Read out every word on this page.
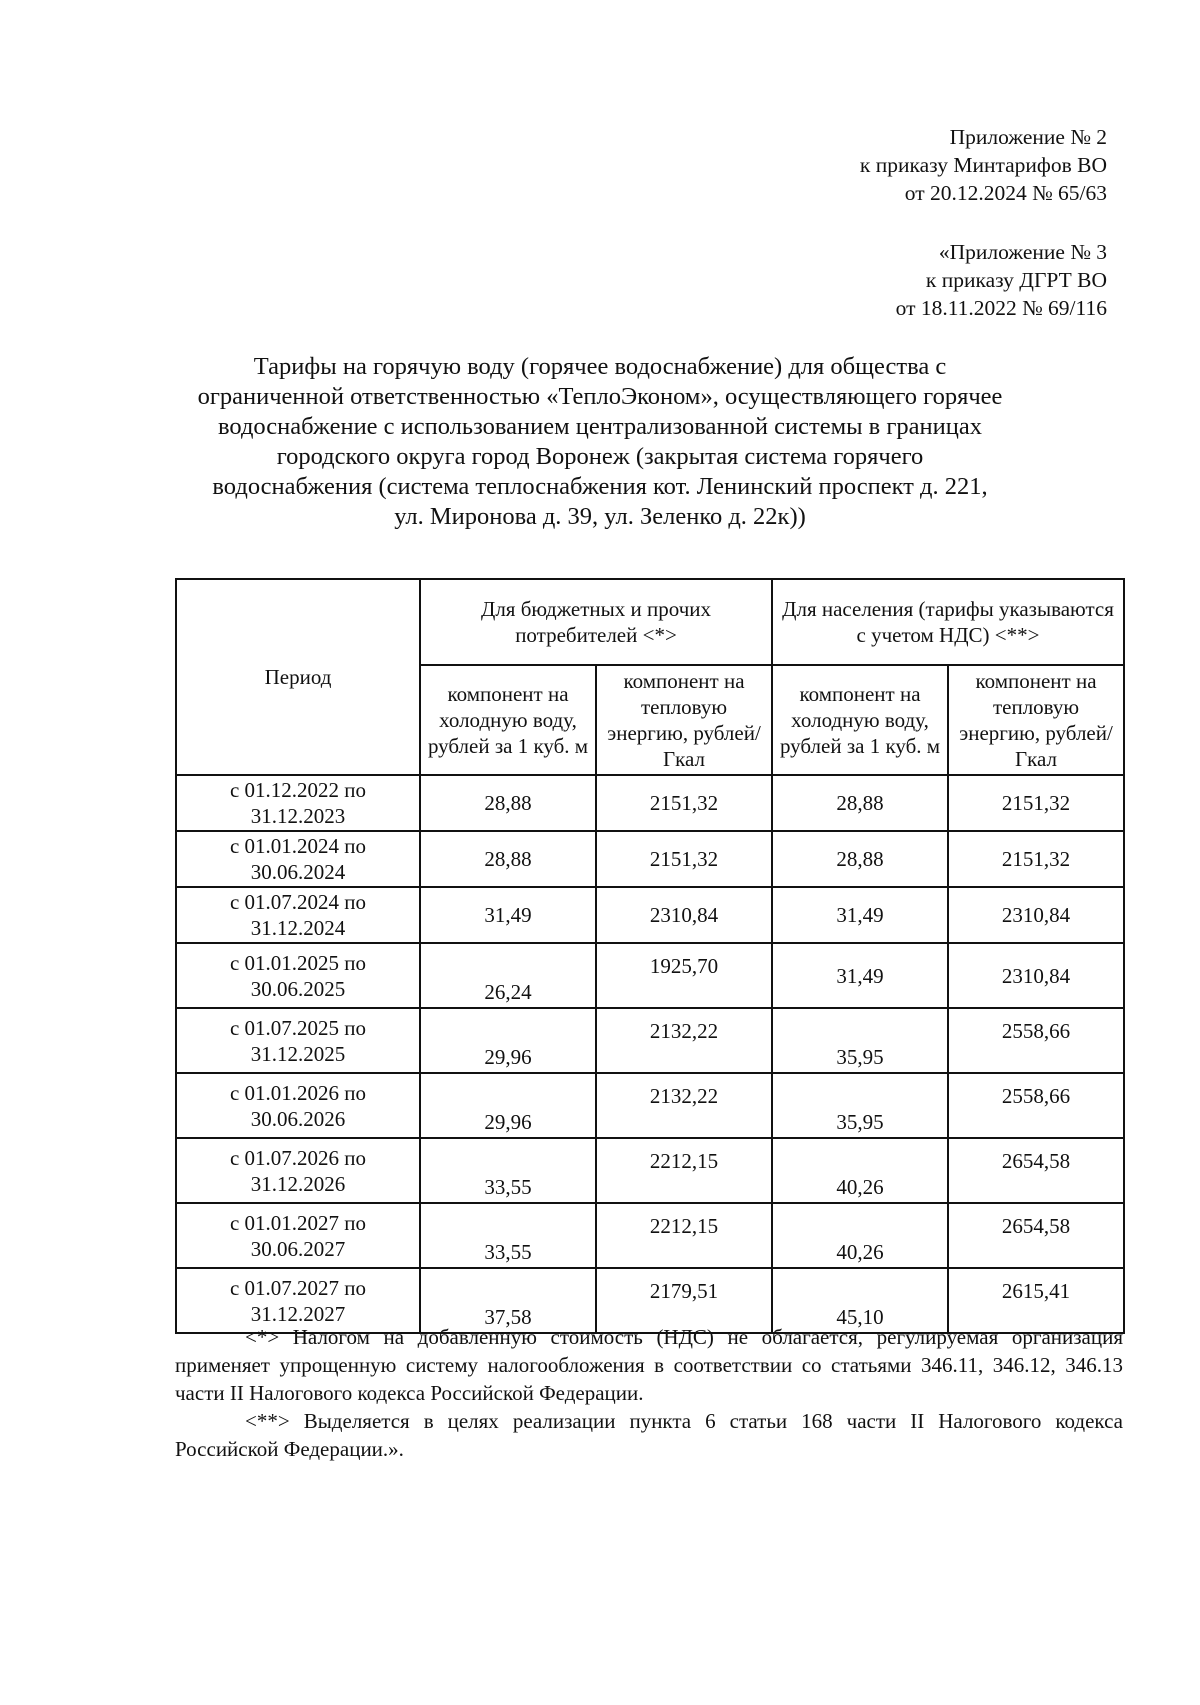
Приложение № 2
к приказу Минтарифов ВО
от 20.12.2024 № 65/63
«Приложение № 3
к приказу ДГРТ ВО
от 18.11.2022 № 69/116
Тарифы на горячую воду (горячее водоснабжение) для общества с
ограниченной ответственностью «ТеплоЭконом», осуществляющего горячее
водоснабжение с использованием централизованной системы в границах
городского округа город Воронеж (закрытая система горячего
водоснабжения (система теплоснабжения кот. Ленинский проспект д. 221,
ул. Миронова д. 39, ул. Зеленко д. 22к))
Период	Для бюджетных и прочих потребителей <*>		Для населения (тарифы указываются с учетом НДС) <**>	
	компонент на холодную воду, рублей за 1 куб. м	компонент на тепловую энергию, рублей/Гкал	компонент на холодную воду, рублей за 1 куб. м	компонент на тепловую энергию, рублей/Гкал
с 01.12.2022 по 31.12.2023	28,88	2151,32	28,88	2151,32
с 01.01.2024 по 30.06.2024	28,88	2151,32	28,88	2151,32
с 01.07.2024 по 31.12.2024	31,49	2310,84	31,49	2310,84
с 01.01.2025 по 30.06.2025	26,24	1925,70	31,49	2310,84
с 01.07.2025 по 31.12.2025	29,96	2132,22	35,95	2558,66
с 01.01.2026 по 30.06.2026	29,96	2132,22	35,95	2558,66
с 01.07.2026 по 31.12.2026	33,55	2212,15	40,26	2654,58
с 01.01.2027 по 30.06.2027	33,55	2212,15	40,26	2654,58
с 01.07.2027 по 31.12.2027	37,58	2179,51	45,10	2615,41

<*> Налогом на добавленную стоимость (НДС) не облагается, регулируемая организация применяет упрощенную систему налогообложения в соответствии со статьями 346.11, 346.12, 346.13 части II Налогового кодекса Российской Федерации.

<**> Выделяется в целях реализации пункта 6 статьи 168 части II Налогового кодекса Российской Федерации.».
